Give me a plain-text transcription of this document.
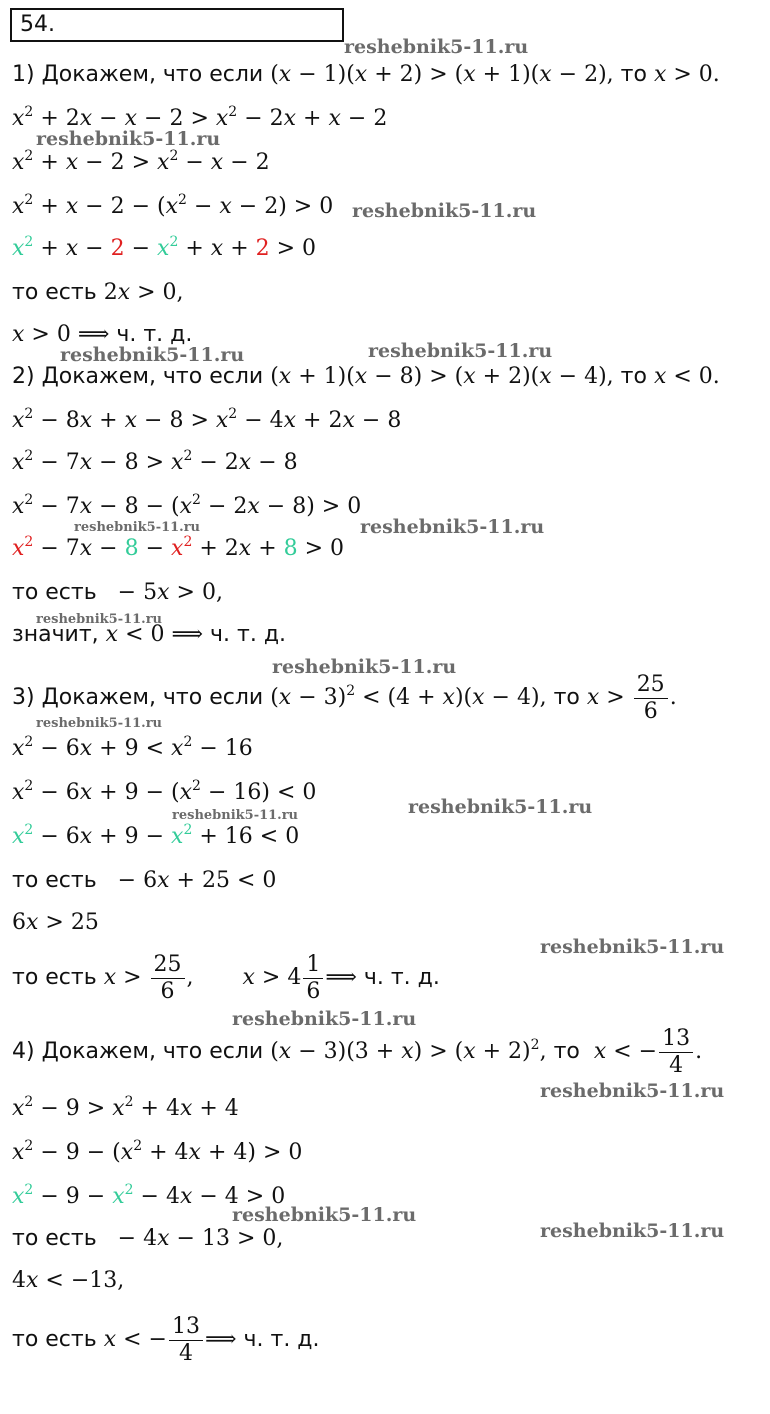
54.
1) Докажем, что если (x − 1)(x + 2) > (x + 1)(x − 2), то x > 0.
$x^2 + 2x - x - 2 > x^2 - 2x + x - 2$
$x^2 + x - 2 > x^2 - x - 2$
$x^2 + x - 2 - (x^2 - x - 2) > 0$
$x^2 + x - 2 - x^2 + x + 2 > 0$
то есть 2x > 0,
x > 0 ⟹ ч. т. д.
2) Докажем, что если (x + 1)(x − 8) > (x + 2)(x − 4), то x < 0.
$x^2 - 8x + x - 8 > x^2 - 4x + 2x - 8$
$x^2 - 7x - 8 > x^2 - 2x - 8$
$x^2 - 7x - 8 - (x^2 - 2x - 8) > 0$
$x^2 - 7x - 8 - x^2 + 2x + 8 > 0$
то есть   − 5x > 0,
значит, x < 0 ⟹ ч. т. д.
3) Докажем, что если $(x - 3)^2 < (4 + x)(x - 4)$, то $x > \frac{25}{6}$ .
$x^2 - 6x + 9 < x^2 - 16$
$x^2 - 6x + 9 - (x^2 - 16) < 0$
$x^2 - 6x + 9 - x^2 + 16 < 0$
то есть   − 6x + 25 < 0
6x > 25
то есть $x > \frac{25}{6}$ ,       $x > 4 \frac{1}{6}$ ⟹ ч. т. д.
4) Докажем, что если $(x - 3)(3 + x) > (x + 2)^2$, то x < − $\frac{13}{4}$ .
$x^2 - 9 > x^2 + 4x + 4$
$x^2 - 9 - (x^2 + 4x + 4) > 0$
$x^2 - 9 - x^2 - 4x - 4 > 0$
то есть   − 4x − 13 > 0,
4x < −13,
то есть x < − $\frac{13}{4}$ ⟹ ч. т. д.
reshebnik5-11.ru
reshebnik5-11.ru
reshebnik5-11.ru
reshebnik5-11.ru	reshebnik5-11.ru
reshebnik5-11.ru	reshebnik5-11.ru
reshebnik5-11.ru
reshebnik5-11.ru
reshebnik5-11.ru
reshebnik5-11.ru	reshebnik5-11.ru
reshebnik5-11.ru
reshebnik5-11.ru
reshebnik5-11.ru
reshebnik5-11.ru
reshebnik5-11.ru
